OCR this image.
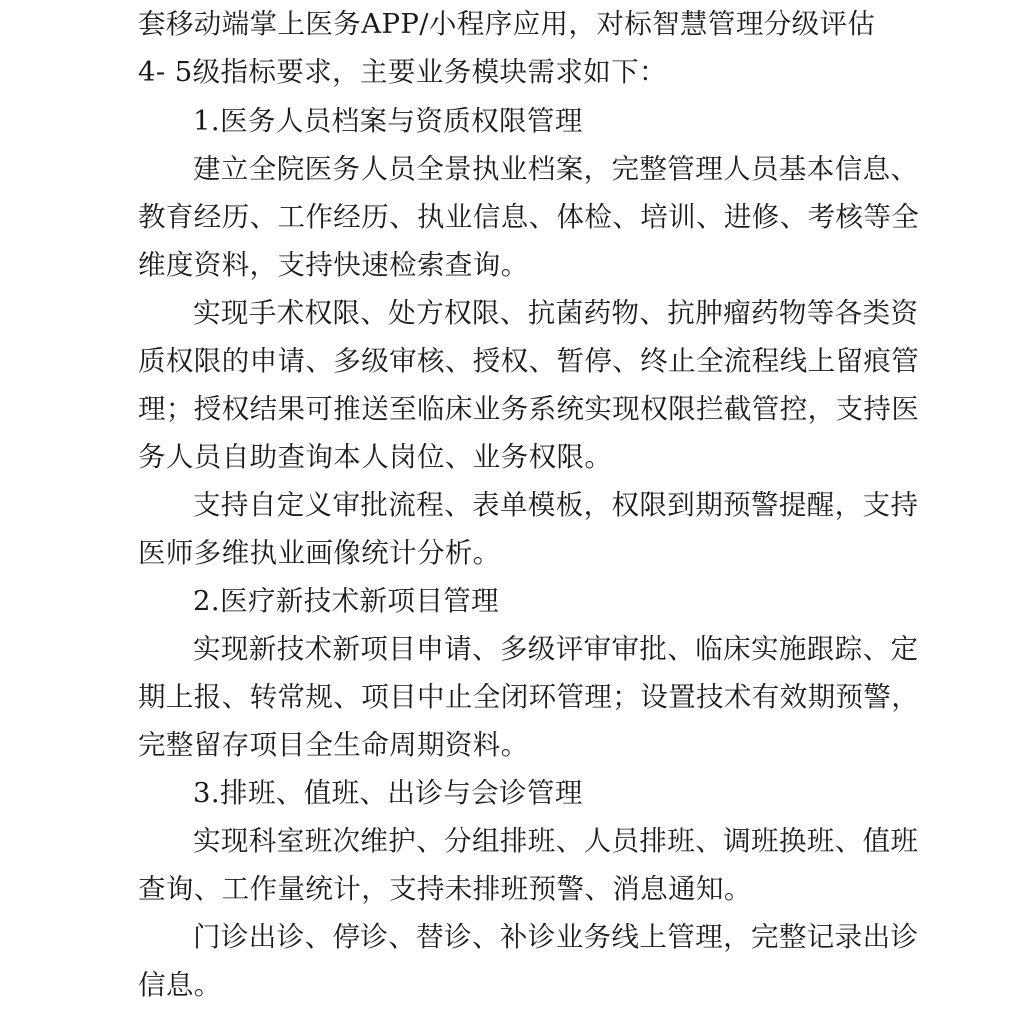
套移动端掌上医务APP/小程序应用，对标智慧管理分级评估
4- 5级指标要求，主要业务模块需求如下：
1.医务人员档案与资质权限管理
建立全院医务人员全景执业档案，完整管理人员基本信息、
教育经历、工作经历、执业信息、体检、培训、进修、考核等全
维度资料，支持快速检索查询。
实现手术权限、处方权限、抗菌药物、抗肿瘤药物等各类资
质权限的申请、多级审核、授权、暂停、终止全流程线上留痕管
理；授权结果可推送至临床业务系统实现权限拦截管控，支持医
务人员自助查询本人岗位、业务权限。
支持自定义审批流程、表单模板，权限到期预警提醒，支持
医师多维执业画像统计分析。
2.医疗新技术新项目管理
实现新技术新项目申请、多级评审审批、临床实施跟踪、定
期上报、转常规、项目中止全闭环管理；设置技术有效期预警，
完整留存项目全生命周期资料。
3.排班、值班、出诊与会诊管理
实现科室班次维护、分组排班、人员排班、调班换班、值班
查询、工作量统计，支持未排班预警、消息通知。
门诊出诊、停诊、替诊、补诊业务线上管理，完整记录出诊
信息。
